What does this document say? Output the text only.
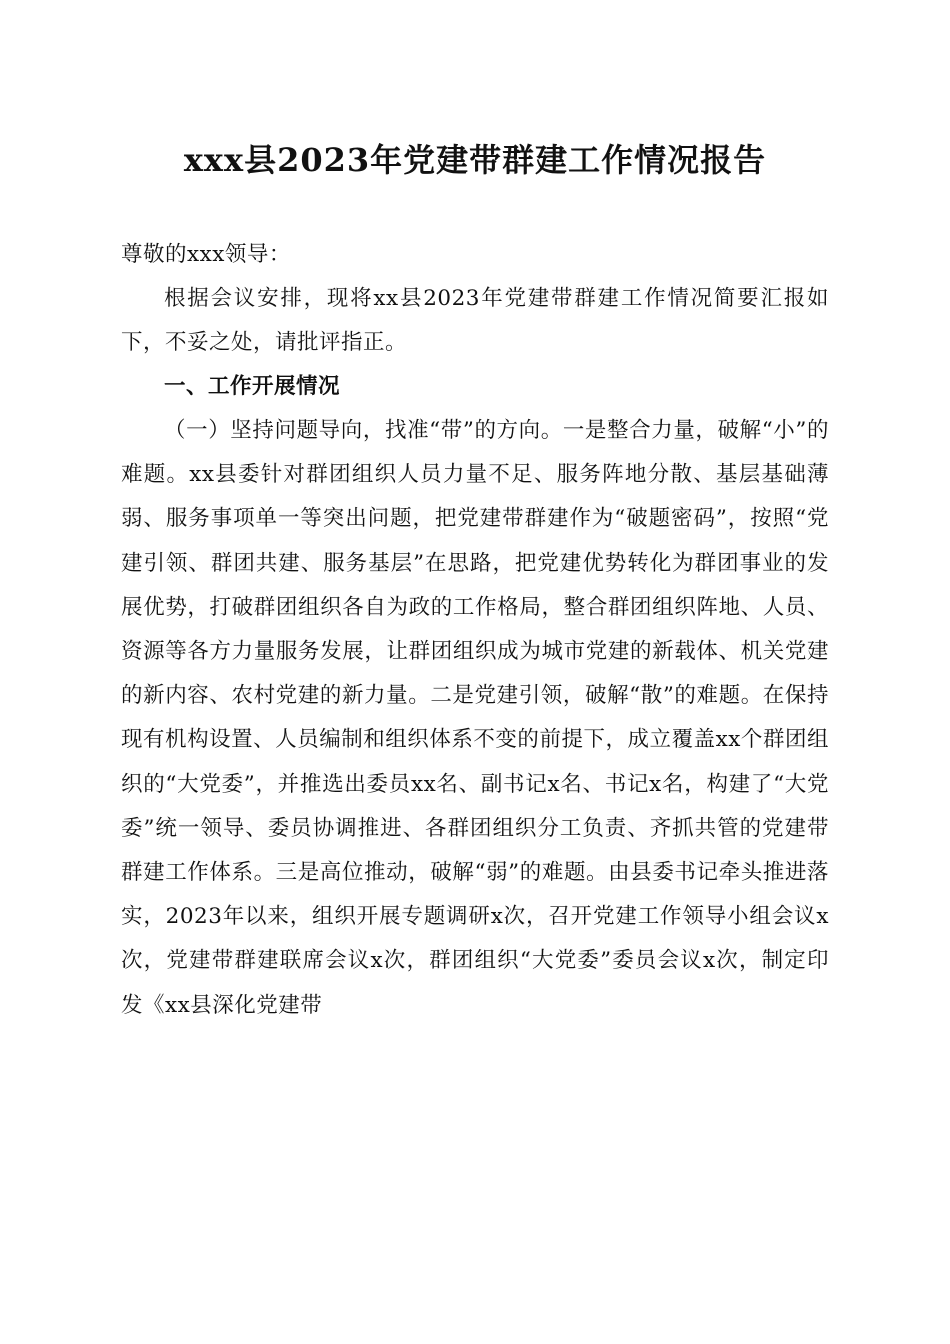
xxx县2023年党建带群建工作情况报告
尊敬的xxx领导：
根据会议安排，现将xx县2023年党建带群建工作情况简要汇报如下，不妥之处，请批评指正。
一、工作开展情况
（一）坚持问题导向，找准“带”的方向。一是整合力量，破解“小”的难题。xx县委针对群团组织人员力量不足、服务阵地分散、基层基础薄弱、服务事项单一等突出问题，把党建带群建作为“破题密码”，按照“党建引领、群团共建、服务基层”在思路，把党建优势转化为群团事业的发展优势，打破群团组织各自为政的工作格局，整合群团组织阵地、人员、资源等各方力量服务发展，让群团组织成为城市党建的新载体、机关党建的新内容、农村党建的新力量。二是党建引领，破解“散”的难题。在保持现有机构设置、人员编制和组织体系不变的前提下，成立覆盖xx个群团组织的“大党委”，并推选出委员xx名、副书记x名、书记x名，构建了“大党委”统一领导、委员协调推进、各群团组织分工负责、齐抓共管的党建带群建工作体系。三是高位推动，破解“弱”的难题。由县委书记牵头推进落实，2023年以来，组织开展专题调研x次，召开党建工作领导小组会议x次，党建带群建联席会议x次，群团组织“大党委”委员会议x次，制定印发《xx县深化党建带
